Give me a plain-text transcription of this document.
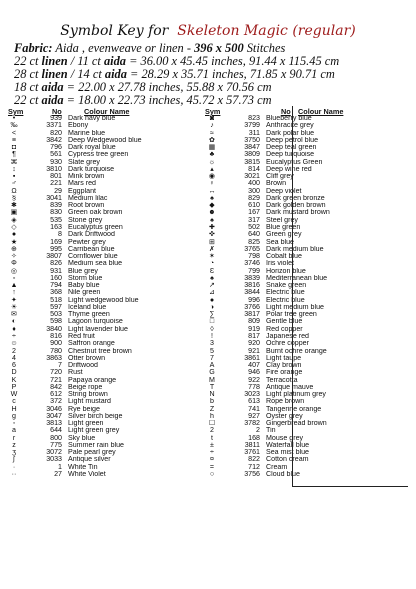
Symbol Key for Skeleton Magic (regular)
Fabric: Aida , evenweave or linen - 396 x 500 Stitches
22 ct linen / 11 ct aida = 36.00 x 45.45 inches, 91.44 x 115.45 cm
28 ct linen / 14 ct aida = 28.29 x 35.71 inches, 71.85 x 90.71 cm
18 ct aida = 22.00 x 27.78 inches, 55.88 x 70.56 cm
22 ct aida = 18.00 x 22.73 inches, 45.72 x 57.73 cm
Sym	No	Colour Name	Sym	No Colour Name
•	939 Dark navy blue
‰	3371 Ebony
<	820 Marine blue
≡	3842 Deep Wedgewood blue
◘	796 Dark royal blue
¶	561 Cypress tree green
⌘	930 Slate grey
↕	3810 Dark turquoise
▪	801 Mink brown
♂	221 Mars red
Ω	29 Eggplant
§	3041 Medium lilac
✱	839 Root brown
▣	830 Green oak brown
◈	535 Stone grey
◇	163 Eucalyptus green
●	8 Dark Driftwood
★	169 Pewter grey
⊕	995 Carribean blue
✧	3807 Cornflower blue
Φ	826 Medium sea blue
◎	931 Blue grey
▫	160 Storm blue
▲	794 Baby blue
↑	368 Nile green
✦	518 Light wedgewood blue
☀	597 Iceland blue
✉	503 Thyme green
◐	598 Lagoon turquoise
♦	3840 Light lavender blue
÷	816 Red fruit
☺	900 Saffron orange
2	780 Chestnut tree brown
4	3863 Otter brown
6	7 Driftwood
D	720 Rust
K	721 Papaya orange
P	842 Beige rope
W	612 String brown
c	372 Light mustard
H	3046 Rye beige
g	3047 Silver birch beige
◦	3813 Light green
a	644 Light green grey
r	800 Sky blue
z	775 Summer rain blue
ʒ	3072 Pale pearl grey
∫	3033 Antique silver
·	1 White Tin
··	27 White Violet
◙	823 Blueberry blue
♪	3799 Anthracite grey
≈	311 Dark polar blue
✿	3750 Deep petrol blue
▦	3847 Deep teal green
♣	3809 Deep turquoise
☼	3815 Eucalyptus Green
▴	814 Deep wine red
◉	3021 Cliff grey
♀	400 Brown
↔	300 Deep violet
♠	829 Dark green bronze
◆	610 Dark golden brown
☻	167 Dark mustard brown
♠	317 Steel grey
✚	502 Blue green
✜	640 Green grey
⊞	825 Sea blue
✗	3765 Dark medium blue
✶	798 Cobalt blue
◔	3746 Iris violet
Ɛ	799 Horizon blue
♠	3839 Mediterranean blue
↗	3816 Snake green
⊿	3844 Electric blue
●	996 Electric blue
◑	3766 Light medium blue
∑	3817 Polar tree green
□	809 Gentle blue
◊	919 Red copper
!	817 Japanese red
3	920 Ochre copper
5	921 Burnt ochre orange
7	3861 Light taupe
A	407 Clay brown
G	946 Fire orange
M	922 Terracotta
T	778 Antique mauve
N	3023 Light platinum grey
b	613 Rope brown
Z	741 Tangerine orange
h	927 Oyster grey
☐	3782 Gingerbread brown
2	2 Tin
t	168 Mouse grey
±	3811 Waterfall blue
÷	3761 Sea mist blue
¤	822 Cotton cream
=	712 Cream
○	3756 Cloud blue
